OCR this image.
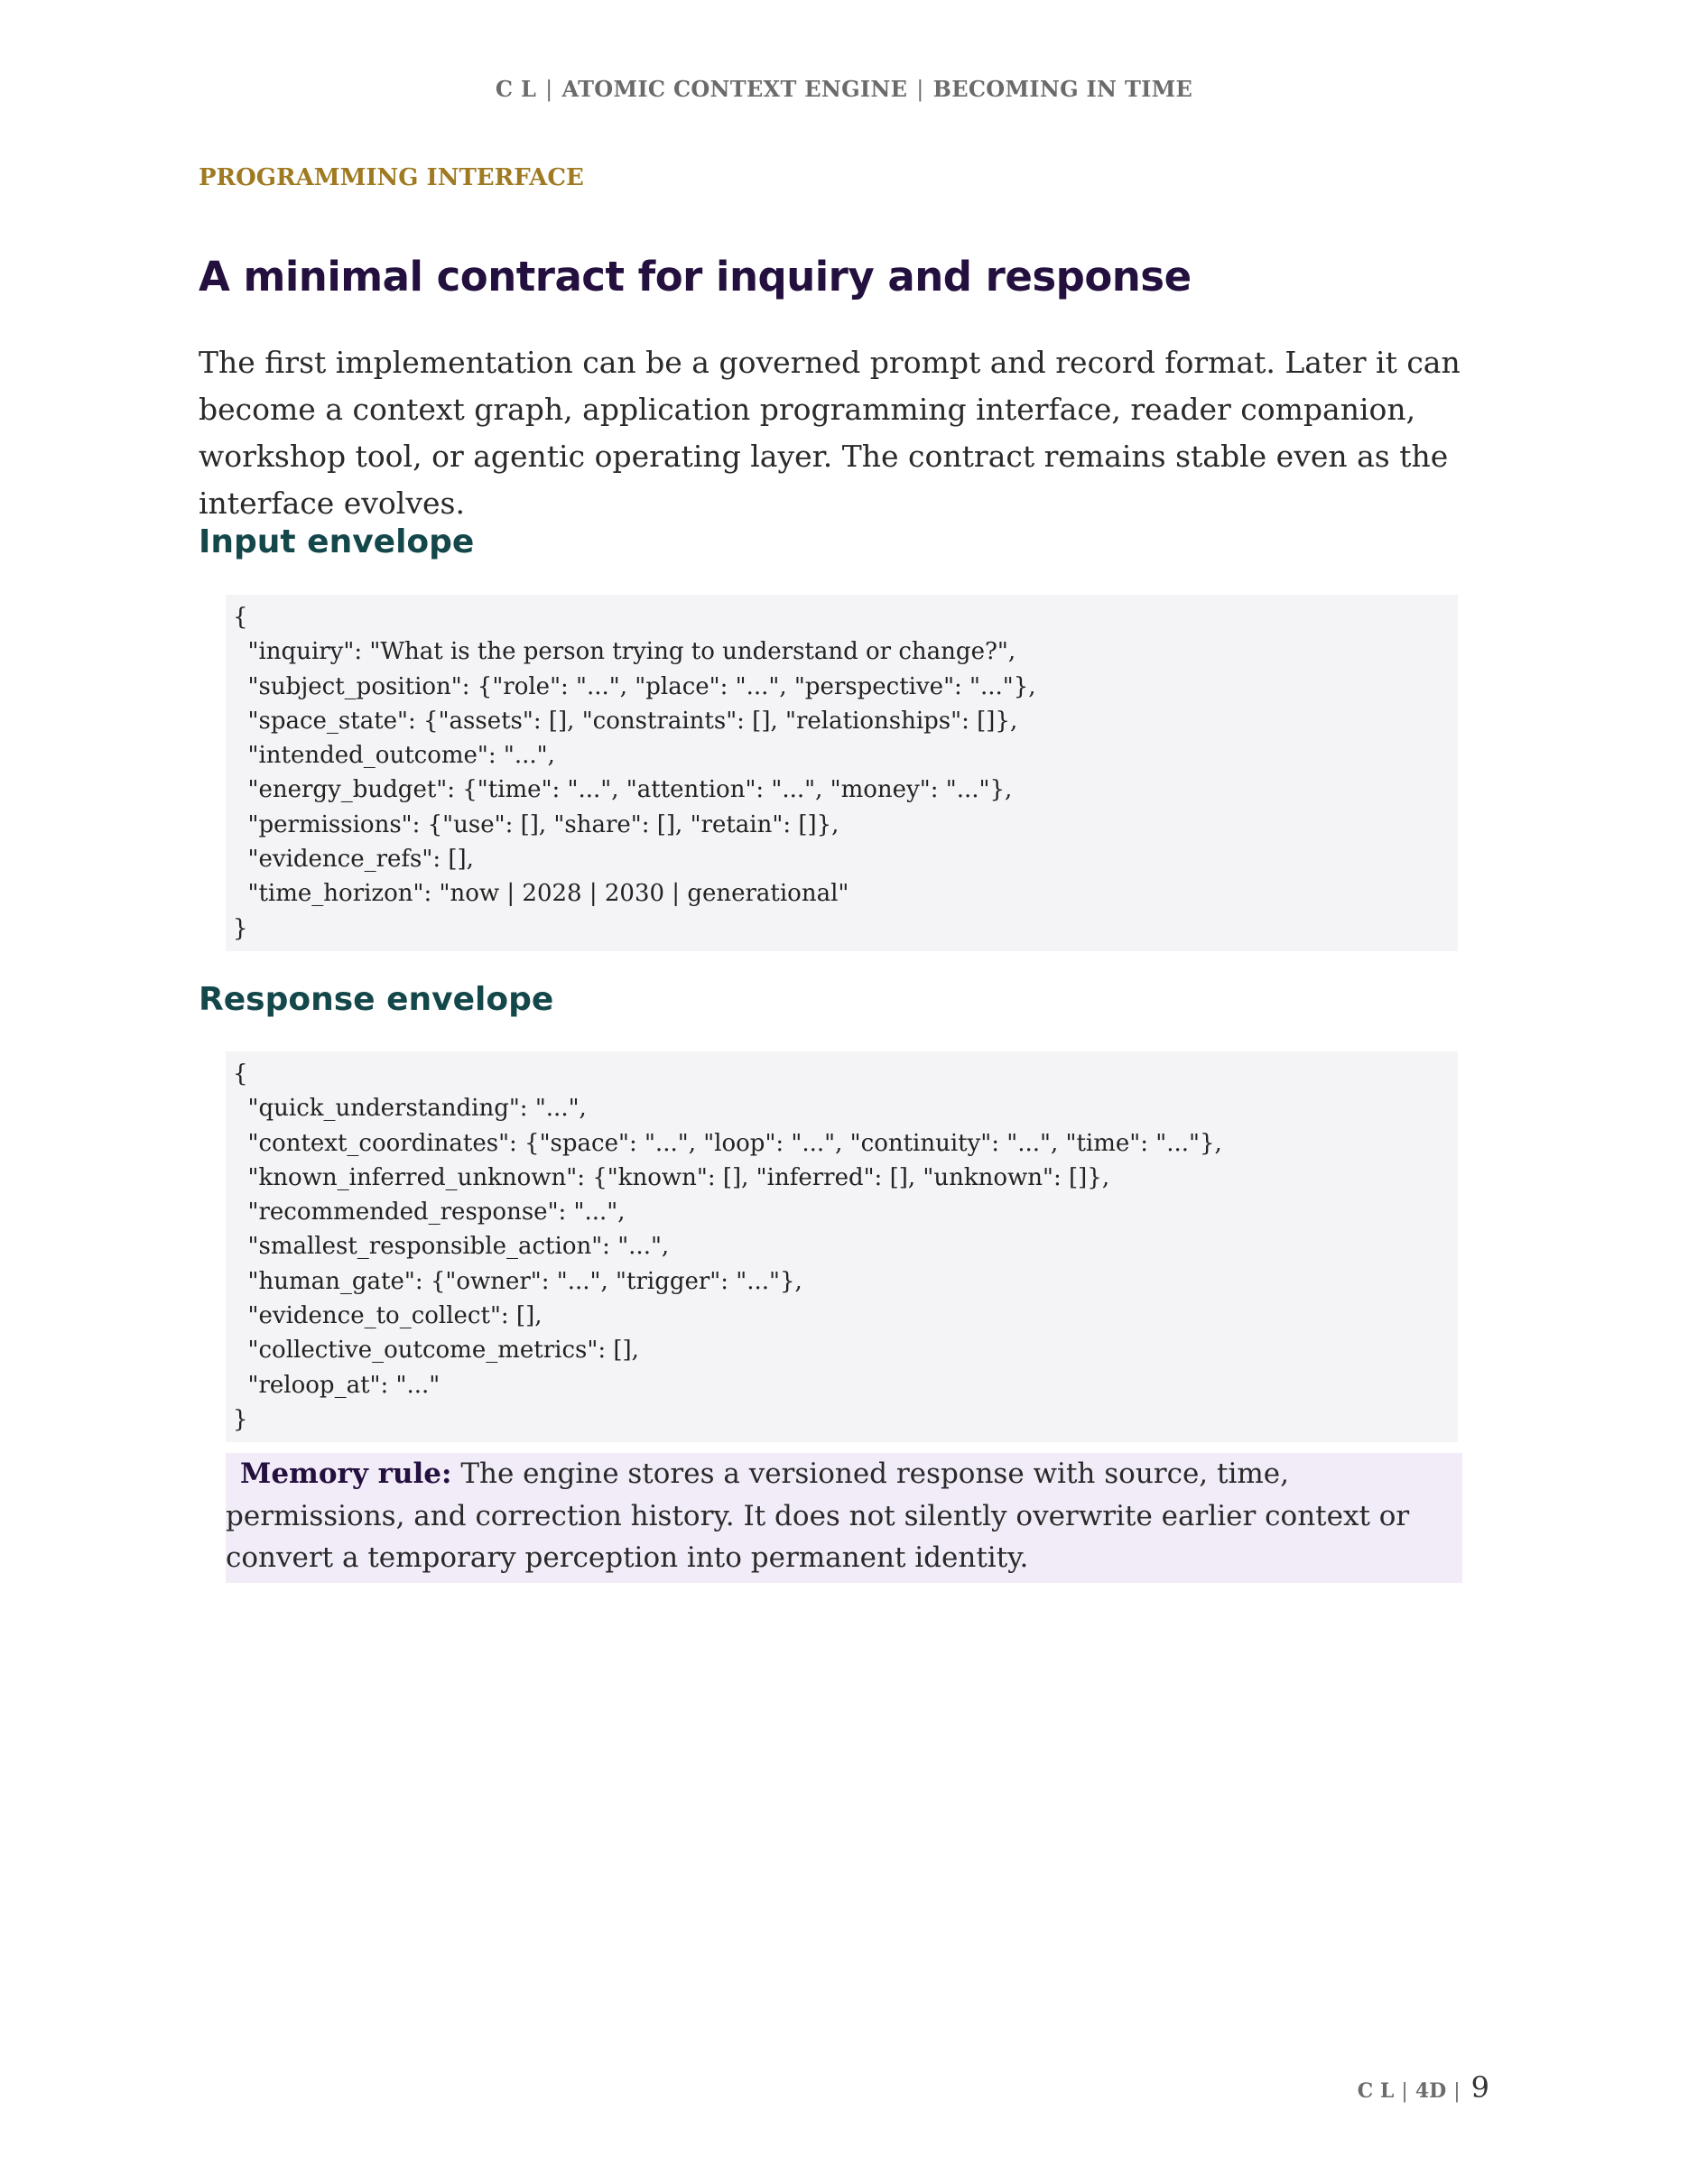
C L | ATOMIC CONTEXT ENGINE | BECOMING IN TIME
PROGRAMMING INTERFACE
A minimal contract for inquiry and response

The first implementation can be a governed prompt and record format. Later it can become a context graph, application programming interface, reader companion, workshop tool, or agentic operating layer. The contract remains stable even as the interface evolves.

Input envelope
{
"inquiry": "What is the person trying to understand or change?",
"subject_position": {"role": "...", "place": "...", "perspective": "..."},
"space_state": {"assets": [], "constraints": [], "relationships": []},
"intended_outcome": "...",
"energy_budget": {"time": "...", "attention": "...", "money": "..."},
"permissions": {"use": [], "share": [], "retain": []},
"evidence_refs": [],
"time_horizon": "now | 2028 | 2030 | generational"
}
Response envelope
{
"quick_understanding": "...",
"context_coordinates": {"space": "...", "loop": "...", "continuity": "...", "time": "..."},
"known_inferred_unknown": {"known": [], "inferred": [], "unknown": []},
"recommended_response": "...",
"smallest_responsible_action": "...",
"human_gate": {"owner": "...", "trigger": "..."},
"evidence_to_collect": [],
"collective_outcome_metrics": [],
"reloop_at": "..."
}
Memory rule: The engine stores a versioned response with source, time, permissions, and correction history. It does not silently overwrite earlier context or convert a temporary perception into permanent identity.
C L | 4D | 9
